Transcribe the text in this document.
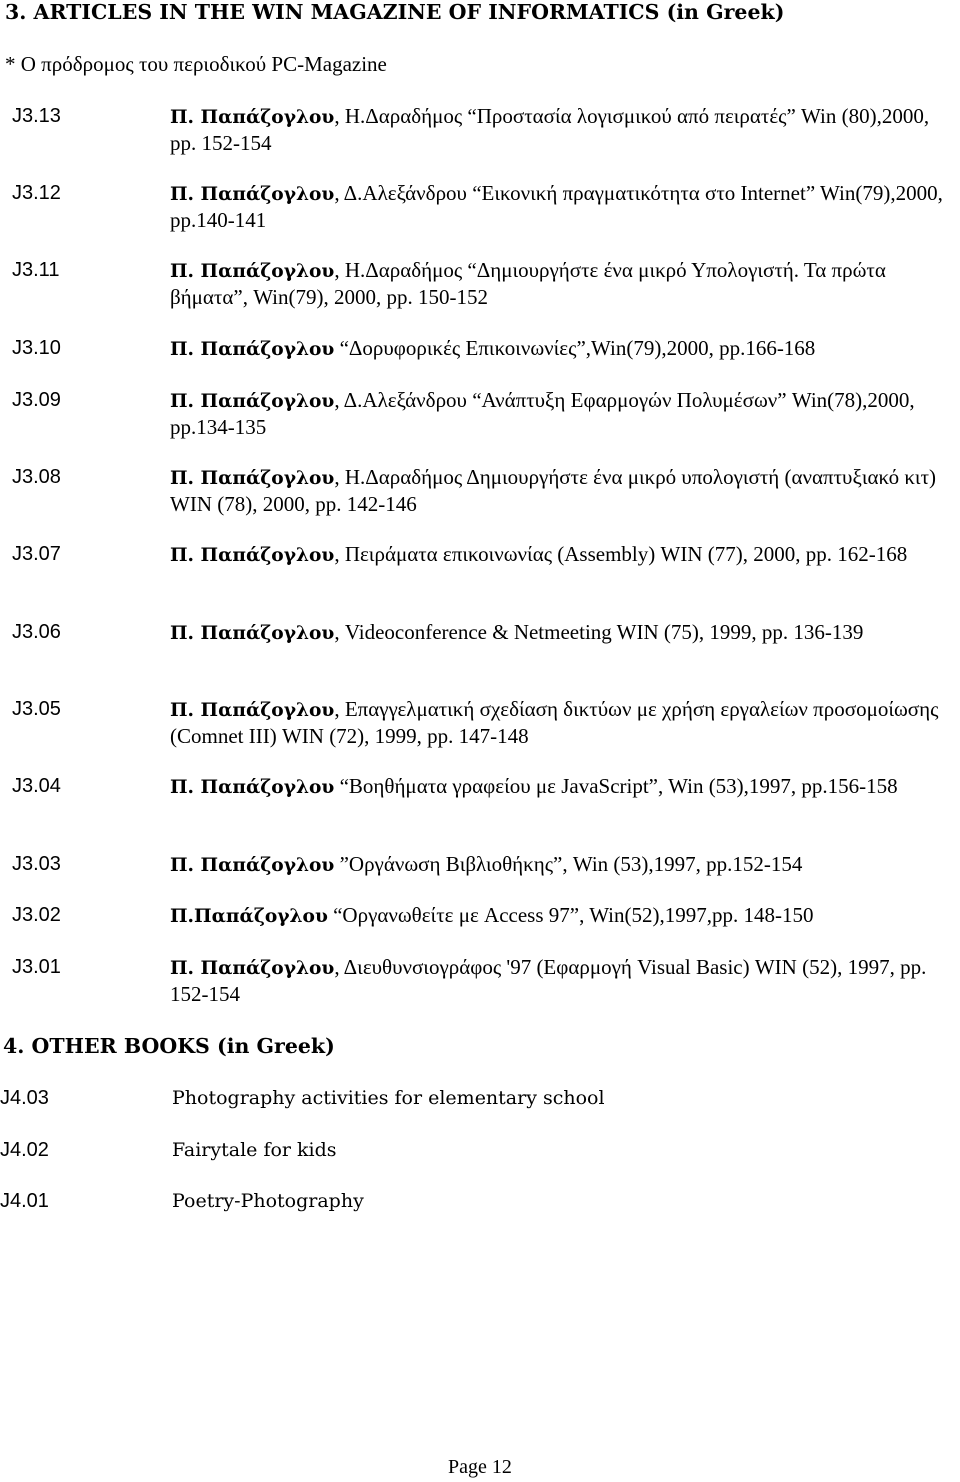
3. ARTICLES IN THE WIN MAGAZINE OF INFORMATICS (in Greek)
* Ο πρόδρομος του περιοδικού PC-Magazine
J3.13	Π. Παπάζογλου, Η.Δαραδήμος “Προστασία λογισμικού από πειρατές” Win (80),2000, pp. 152-154
J3.12	Π. Παπάζογλου, Δ.Αλεξάνδρου “Εικονική πραγματικότητα στο Internet” Win(79),2000, pp.140-141
J3.11	Π. Παπάζογλου, Η.Δαραδήμος “Δημιουργήστε ένα μικρό Υπολογιστή. Τα πρώτα βήματα”, Win(79), 2000, pp. 150-152
J3.10	Π. Παπάζογλου “Δορυφορικές Επικοινωνίες”,Win(79),2000, pp.166-168
J3.09	Π. Παπάζογλου, Δ.Αλεξάνδρου “Ανάπτυξη Εφαρμογών Πολυμέσων” Win(78),2000, pp.134-135
J3.08	Π. Παπάζογλου, Η.Δαραδήμος Δημιουργήστε ένα μικρό υπολογιστή (αναπτυξιακό κιτ) WIN (78), 2000, pp. 142-146
J3.07	Π. Παπάζογλου, Πειράματα επικοινωνίας (Assembly) WIN (77), 2000, pp. 162-168
J3.06	Π. Παπάζογλου, Videoconference & Netmeeting WIN (75), 1999, pp. 136-139
J3.05	Π. Παπάζογλου, Επαγγελματική σχεδίαση δικτύων με χρήση εργαλείων προσομοίωσης (Comnet III) WIN (72), 1999, pp. 147-148
J3.04	Π. Παπάζογλου “Βοηθήματα γραφείου με JavaScript”, Win (53),1997, pp.156-158
J3.03	Π. Παπάζογλου ”Οργάνωση Βιβλιοθήκης”, Win (53),1997, pp.152-154
J3.02	Π.Παπάζογλου “Οργανωθείτε με Access 97”, Win(52),1997,pp. 148-150
J3.01	Π. Παπάζογλου, Διευθυνσιογράφος '97 (Εφαρμογή Visual Basic) WIN (52), 1997, pp. 152-154
4. OTHER BOOKS (in Greek)
J4.03	Photography activities for elementary school
J4.02	Fairytale for kids
J4.01	Poetry-Photography
Page 12
